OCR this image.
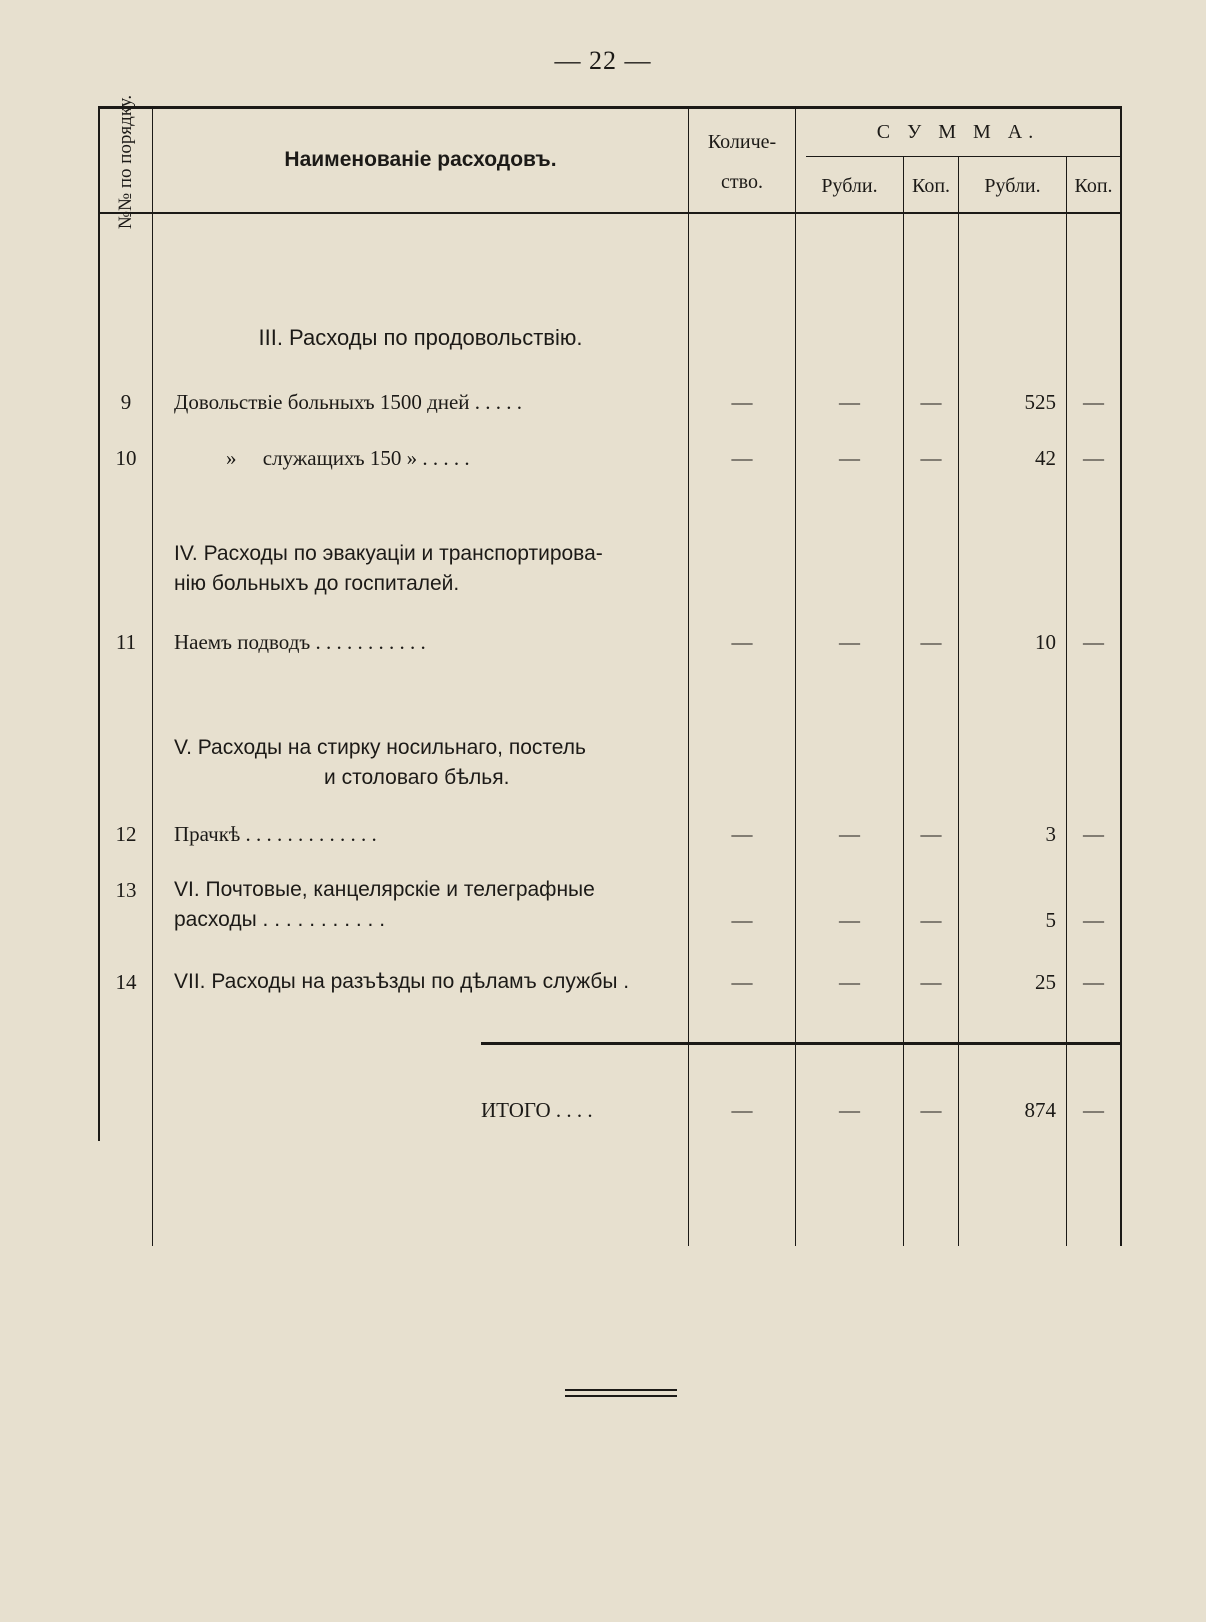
— 22 —
№№ по порядку.	Наименованіе расходовъ.
Количе-
ство.
С У М М А.
Рубли.	Коп.	Рубли.	Коп.
III. Расходы по продовольствію.
9	Довольствіе больныхъ 1500 дней . . . . .	—	—	—	525	—
10	»     служащихъ 150 » . . . . .	—	—	—	42	—
IV. Расходы по эвакуаціи и транспортирова-
нію больныхъ до госпиталей.
11	Наемъ подводъ . . . . . . . . . . .	—	—	—	10	—
V. Расходы на стирку носильнаго, постель
и столоваго бѣлья.
12	Прачкѣ . . . . . . . . . . . . .	—	—	—	3	—
13	VI. Почтовые, канцелярскіе и телеграфные
расходы . . . . . . . . . . .	—	—	—	5	—
14	VII. Расходы на разъѣзды по дѣламъ службы .	—	—	—	25	—
ИТОГО . . . .	—	—	—	874	—
